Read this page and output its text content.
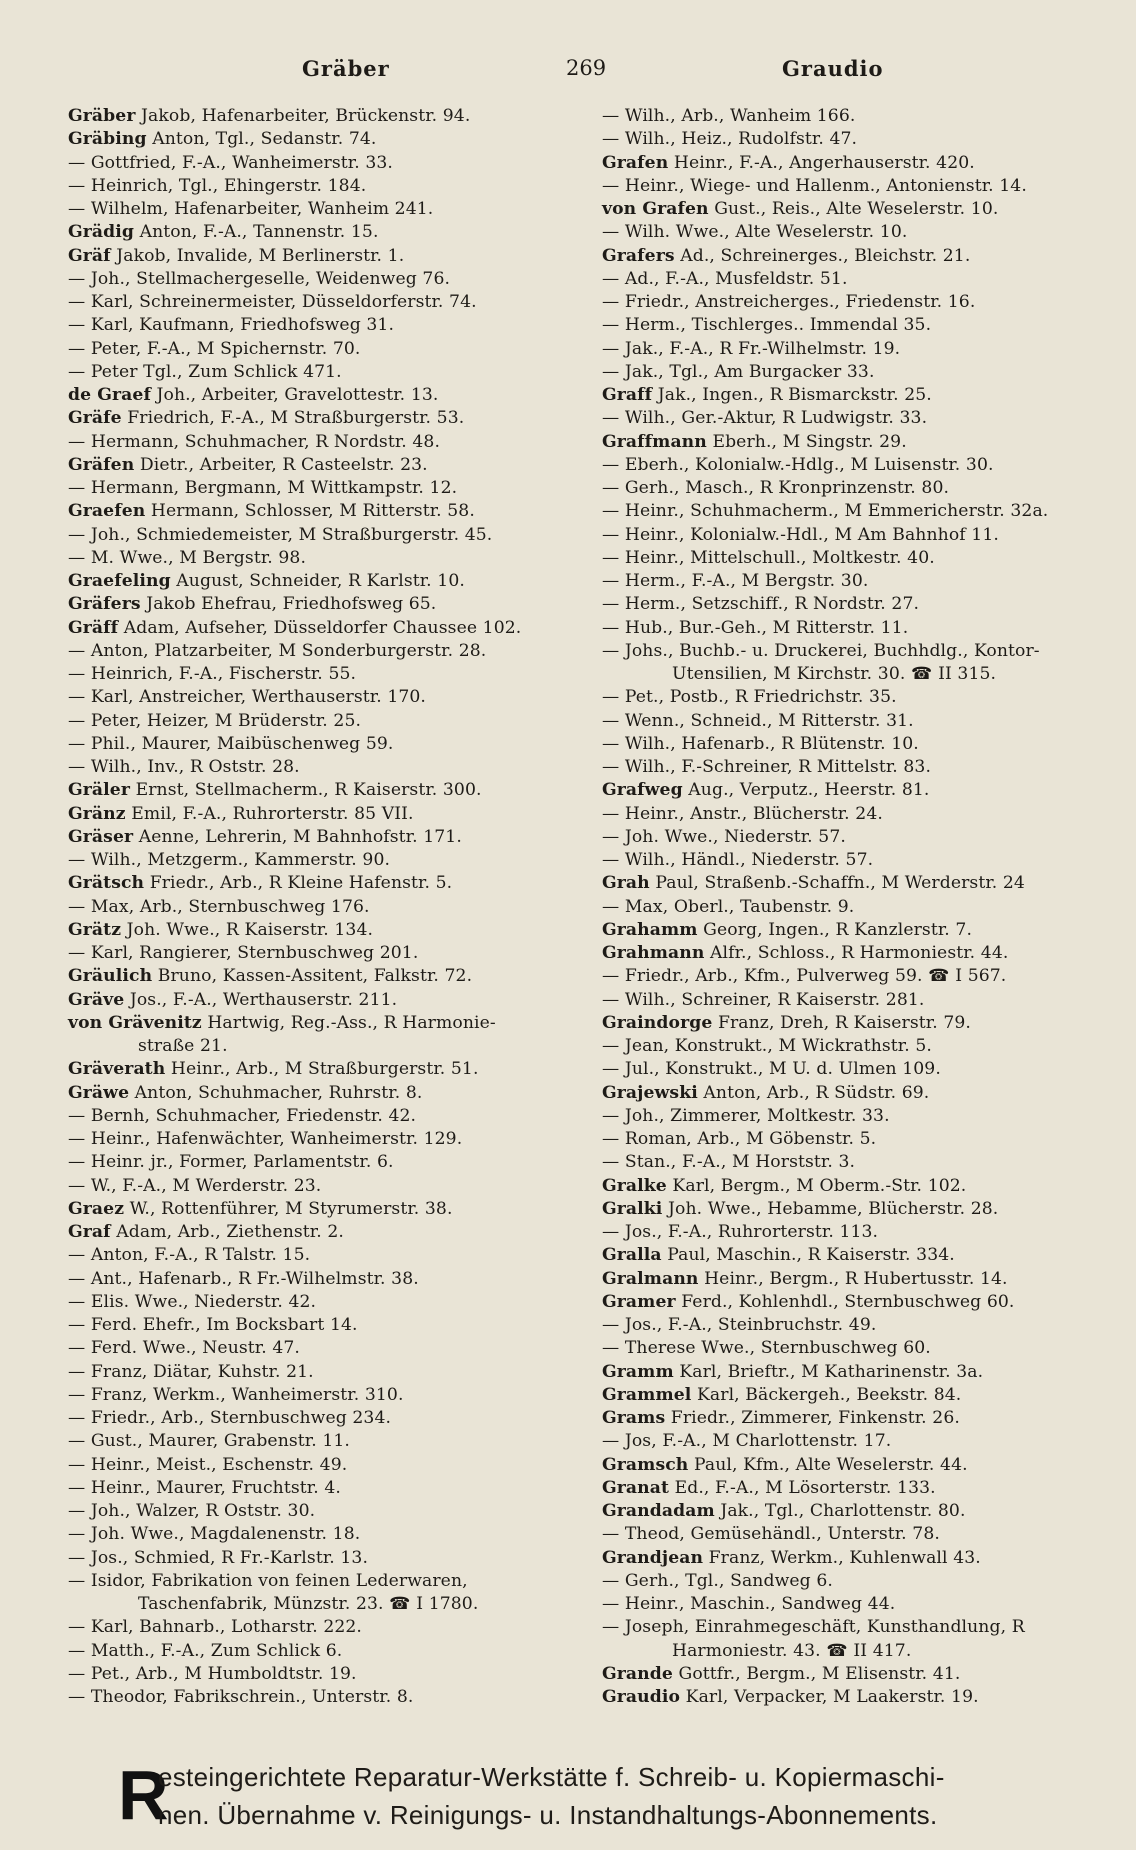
Gräber	269	Graudio
Gräber Jakob, Hafenarbeiter, Brückenstr. 94.
Gräbing Anton, Tgl., Sedanstr. 74.
— Gottfried, F.-A., Wanheimerstr. 33.
— Heinrich, Tgl., Ehingerstr. 184.
— Wilhelm, Hafenarbeiter, Wanheim 241.
Grädig Anton, F.-A., Tannenstr. 15.
Gräf Jakob, Invalide, M Berlinerstr. 1.
— Joh., Stellmachergeselle, Weidenweg 76.
— Karl, Schreinermeister, Düsseldorferstr. 74.
— Karl, Kaufmann, Friedhofsweg 31.
— Peter, F.-A., M Spichernstr. 70.
— Peter Tgl., Zum Schlick 471.
de Graef Joh., Arbeiter, Gravelottestr. 13.
Gräfe Friedrich, F.-A., M Straßburgerstr. 53.
— Hermann, Schuhmacher, R Nordstr. 48.
Gräfen Dietr., Arbeiter, R Casteelstr. 23.
— Hermann, Bergmann, M Wittkampstr. 12.
Graefen Hermann, Schlosser, M Ritterstr. 58.
— Joh., Schmiedemeister, M Straßburgerstr. 45.
— M. Wwe., M Bergstr. 98.
Graefeling August, Schneider, R Karlstr. 10.
Gräfers Jakob Ehefrau, Friedhofsweg 65.
Gräff Adam, Aufseher, Düsseldorfer Chaussee 102.
— Anton, Platzarbeiter, M Sonderburgerstr. 28.
— Heinrich, F.-A., Fischerstr. 55.
— Karl, Anstreicher, Werthauserstr. 170.
— Peter, Heizer, M Brüderstr. 25.
— Phil., Maurer, Maibüschenweg 59.
— Wilh., Inv., R Oststr. 28.
Gräler Ernst, Stellmacherm., R Kaiserstr. 300.
Gränz Emil, F.-A., Ruhrorterstr. 85 VII.
Gräser Aenne, Lehrerin, M Bahnhofstr. 171.
— Wilh., Metzgerm., Kammerstr. 90.
Grätsch Friedr., Arb., R Kleine Hafenstr. 5.
— Max, Arb., Sternbuschweg 176.
Grätz Joh. Wwe., R Kaiserstr. 134.
— Karl, Rangierer, Sternbuschweg 201.
Gräulich Bruno, Kassen-Assitent, Falkstr. 72.
Gräve Jos., F.-A., Werthauserstr. 211.
von Grävenitz Hartwig, Reg.-Ass., R Harmonie-
straße 21.
Gräverath Heinr., Arb., M Straßburgerstr. 51.
Gräwe Anton, Schuhmacher, Ruhrstr. 8.
— Bernh, Schuhmacher, Friedenstr. 42.
— Heinr., Hafenwächter, Wanheimerstr. 129.
— Heinr. jr., Former, Parlamentstr. 6.
— W., F.-A., M Werderstr. 23.
Graez W., Rottenführer, M Styrumerstr. 38.
Graf Adam, Arb., Ziethenstr. 2.
— Anton, F.-A., R Talstr. 15.
— Ant., Hafenarb., R Fr.-Wilhelmstr. 38.
— Elis. Wwe., Niederstr. 42.
— Ferd. Ehefr., Im Bocksbart 14.
— Ferd. Wwe., Neustr. 47.
— Franz, Diätar, Kuhstr. 21.
— Franz, Werkm., Wanheimerstr. 310.
— Friedr., Arb., Sternbuschweg 234.
— Gust., Maurer, Grabenstr. 11.
— Heinr., Meist., Eschenstr. 49.
— Heinr., Maurer, Fruchtstr. 4.
— Joh., Walzer, R Oststr. 30.
— Joh. Wwe., Magdalenenstr. 18.
— Jos., Schmied, R Fr.-Karlstr. 13.
— Isidor, Fabrikation von feinen Lederwaren,
Taschenfabrik, Münzstr. 23. ☎ I 1780.
— Karl, Bahnarb., Lotharstr. 222.
— Matth., F.-A., Zum Schlick 6.
— Pet., Arb., M Humboldtstr. 19.
— Theodor, Fabrikschrein., Unterstr. 8.
— Wilh., Arb., Wanheim 166.
— Wilh., Heiz., Rudolfstr. 47.
Grafen Heinr., F.-A., Angerhauserstr. 420.
— Heinr., Wiege- und Hallenm., Antonienstr. 14.
von Grafen Gust., Reis., Alte Weselerstr. 10.
— Wilh. Wwe., Alte Weselerstr. 10.
Grafers Ad., Schreinerges., Bleichstr. 21.
— Ad., F.-A., Musfeldstr. 51.
— Friedr., Anstreicherges., Friedenstr. 16.
— Herm., Tischlerges.. Immendal 35.
— Jak., F.-A., R Fr.-Wilhelmstr. 19.
— Jak., Tgl., Am Burgacker 33.
Graff Jak., Ingen., R Bismarckstr. 25.
— Wilh., Ger.-Aktur, R Ludwigstr. 33.
Graffmann Eberh., M Singstr. 29.
— Eberh., Kolonialw.-Hdlg., M Luisenstr. 30.
— Gerh., Masch., R Kronprinzenstr. 80.
— Heinr., Schuhmacherm., M Emmericherstr. 32a.
— Heinr., Kolonialw.-Hdl., M Am Bahnhof 11.
— Heinr., Mittelschull., Moltkestr. 40.
— Herm., F.-A., M Bergstr. 30.
— Herm., Setzschiff., R Nordstr. 27.
— Hub., Bur.-Geh., M Ritterstr. 11.
— Johs., Buchb.- u. Druckerei, Buchhdlg., Kontor-
Utensilien, M Kirchstr. 30. ☎ II 315.
— Pet., Postb., R Friedrichstr. 35.
— Wenn., Schneid., M Ritterstr. 31.
— Wilh., Hafenarb., R Blütenstr. 10.
— Wilh., F.-Schreiner, R Mittelstr. 83.
Grafweg Aug., Verputz., Heerstr. 81.
— Heinr., Anstr., Blücherstr. 24.
— Joh. Wwe., Niederstr. 57.
— Wilh., Händl., Niederstr. 57.
Grah Paul, Straßenb.-Schaffn., M Werderstr. 24
— Max, Oberl., Taubenstr. 9.
Grahamm Georg, Ingen., R Kanzlerstr. 7.
Grahmann Alfr., Schloss., R Harmoniestr. 44.
— Friedr., Arb., Kfm., Pulverweg 59. ☎ I 567.
— Wilh., Schreiner, R Kaiserstr. 281.
Graindorge Franz, Dreh, R Kaiserstr. 79.
— Jean, Konstrukt., M Wickrathstr. 5.
— Jul., Konstrukt., M U. d. Ulmen 109.
Grajewski Anton, Arb., R Südstr. 69.
— Joh., Zimmerer, Moltkestr. 33.
— Roman, Arb., M Göbenstr. 5.
— Stan., F.-A., M Horststr. 3.
Gralke Karl, Bergm., M Oberm.-Str. 102.
Gralki Joh. Wwe., Hebamme, Blücherstr. 28.
— Jos., F.-A., Ruhrorterstr. 113.
Gralla Paul, Maschin., R Kaiserstr. 334.
Gralmann Heinr., Bergm., R Hubertusstr. 14.
Gramer Ferd., Kohlenhdl., Sternbuschweg 60.
— Jos., F.-A., Steinbruchstr. 49.
— Therese Wwe., Sternbuschweg 60.
Gramm Karl, Brieftr., M Katharinenstr. 3a.
Grammel Karl, Bäckergeh., Beekstr. 84.
Grams Friedr., Zimmerer, Finkenstr. 26.
— Jos, F.-A., M Charlottenstr. 17.
Gramsch Paul, Kfm., Alte Weselerstr. 44.
Granat Ed., F.-A., M Lösorterstr. 133.
Grandadam Jak., Tgl., Charlottenstr. 80.
— Theod, Gemüsehändl., Unterstr. 78.
Grandjean Franz, Werkm., Kuhlenwall 43.
— Gerh., Tgl., Sandweg 6.
— Heinr., Maschin., Sandweg 44.
— Joseph, Einrahmegeschäft, Kunsthandlung, R
Harmoniestr. 43. ☎ II 417.
Grande Gottfr., Bergm., M Elisenstr. 41.
Graudio Karl, Verpacker, M Laakerstr. 19.
R
esteingerichtete Reparatur-Werkstätte f. Schreib- u. Kopiermaschi-
nen. Übernahme v. Reinigungs- u. Instandhaltungs-Abonnements.
